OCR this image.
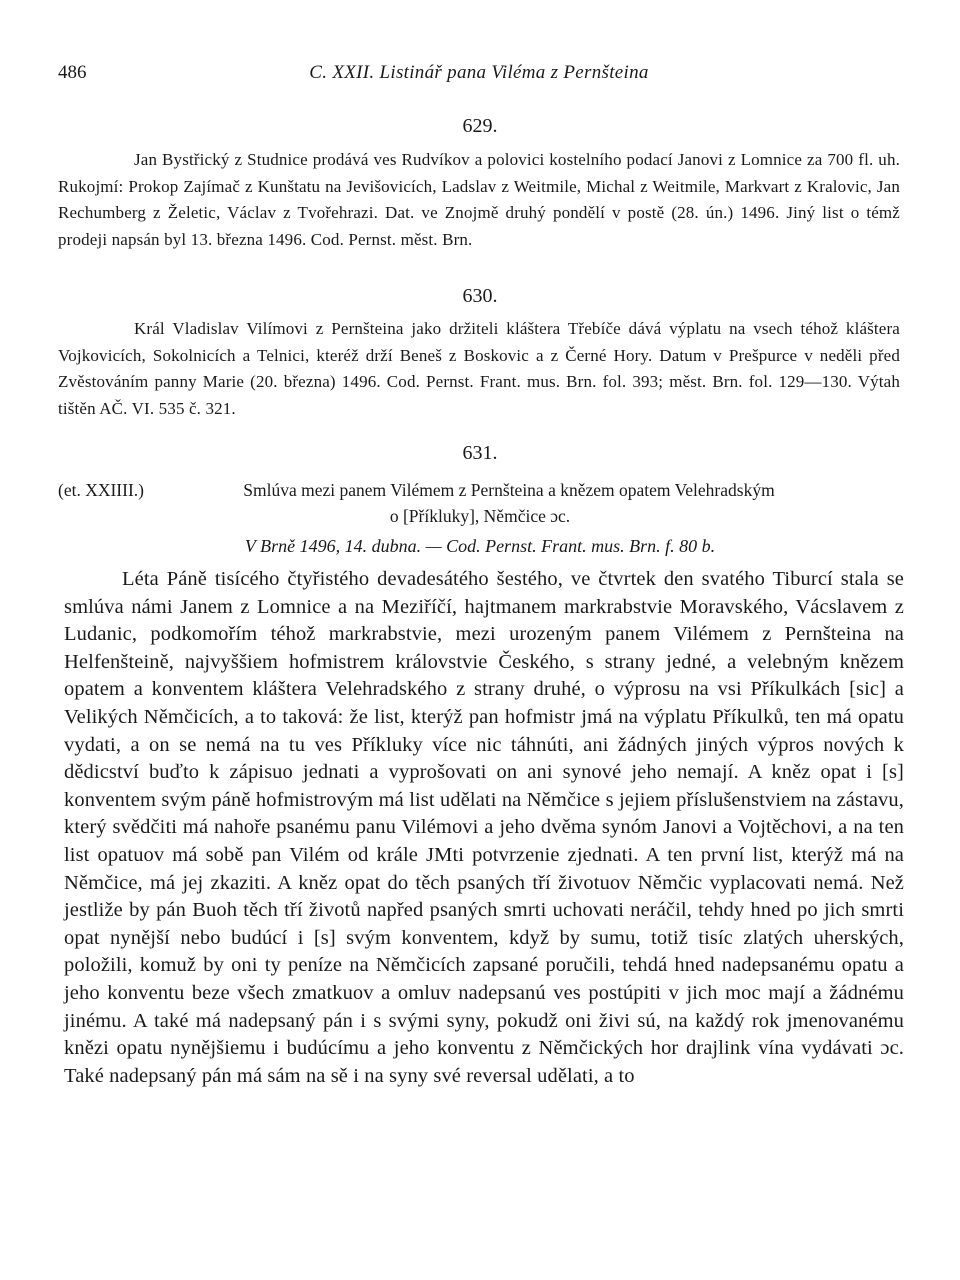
486	C. XXII. Listinář pana Viléma z Pernšteina
629.

Jan Bystřický z Studnice prodává ves Rudvíkov a polovici kostelního podací Janovi z Lomnice za 700 fl. uh. Rukojmí: Prokop Zajímač z Kunštatu na Jevišovicích, Ladslav z Weitmile, Michal z Weitmile, Markvart z Kralovic, Jan Rechumberg z Želetic, Václav z Tvořehrazi. Dat. ve Znojmě druhý pondělí v postě (28. ún.) 1496. Jiný list o témž prodeji napsán byl 13. března 1496. Cod. Pernst. měst. Brn.

630.

Král Vladislav Vilímovi z Pernšteina jako držiteli kláštera Třebíče dává výplatu na vsech téhož kláštera Vojkovicích, Sokolnicích a Telnici, kteréž drží Beneš z Boskovic a z Černé Hory. Datum v Prešpurce v neděli před Zvěstováním panny Marie (20. března) 1496. Cod. Pernst. Frant. mus. Brn. fol. 393; měst. Brn. fol. 129—130. Výtah tištěn AČ. VI. 535 č. 321.

631.
(et. XXIIII.)	Smlúva mezi panem Vilémem z Pernšteina a knězem opatem Velehradským
o [Příkluky], Němčice ɔc.
V Brně 1496, 14. dubna. — Cod. Pernst. Frant. mus. Brn. f. 80 b.

Léta Páně tisícého čtyřistého devadesátého šestého, ve čtvrtek den svatého Tiburcí stala se smlúva námi Janem z Lomnice a na Meziříčí, hajtmanem markrabstvie Moravského, Vácslavem z Ludanic, podkomořím téhož markrabstvie, mezi urozeným panem Vilémem z Pernšteina na Helfenšteině, najvyššiem hofmistrem královstvie Českého, s strany jedné, a velebným knězem opatem a konventem kláštera Velehradského z strany druhé, o výprosu na vsi Příkulkách [sic] a Velikých Němčicích, a to taková: že list, kterýž pan hofmistr jmá na výplatu Příkulků, ten má opatu vydati, a on se nemá na tu ves Příkluky více nic táhnúti, ani žádných jiných výpros nových k dědicství buďto k zápisuo jednati a vyprošovati on ani synové jeho nemají. A kněz opat i [s] konventem svým páně hofmistrovým má list udělati na Němčice s jejiem příslušenstviem na zástavu, který svědčiti má nahoře psanému panu Vilémovi a jeho dvěma synóm Janovi a Vojtěchovi, a na ten list opatuov má sobě pan Vilém od krále JMti potvrzenie zjednati. A ten první list, kterýž má na Němčice, má jej zkaziti. A kněz opat do těch psaných tří životuov Němčic vyplacovati nemá. Než jestliže by pán Buoh těch tří životů napřed psaných smrti uchovati neráčil, tehdy hned po jich smrti opat nynější nebo budúcí i [s] svým konventem, když by sumu, totiž tisíc zlatých uherských, položili, komuž by oni ty peníze na Němčicích zapsané poručili, tehdá hned nadepsanému opatu a jeho konventu beze všech zmatkuov a omluv nadepsanú ves postúpiti v jich moc mají a žádnému jinému. A také má nadepsaný pán i s svými syny, pokudž oni živi sú, na každý rok jmenovanému knězi opatu nynějšiemu i budúcímu a jeho konventu z Němčických hor drajlink vína vydávati ɔc. Také nadepsaný pán má sám na sě i na syny své reversal udělati, a to
